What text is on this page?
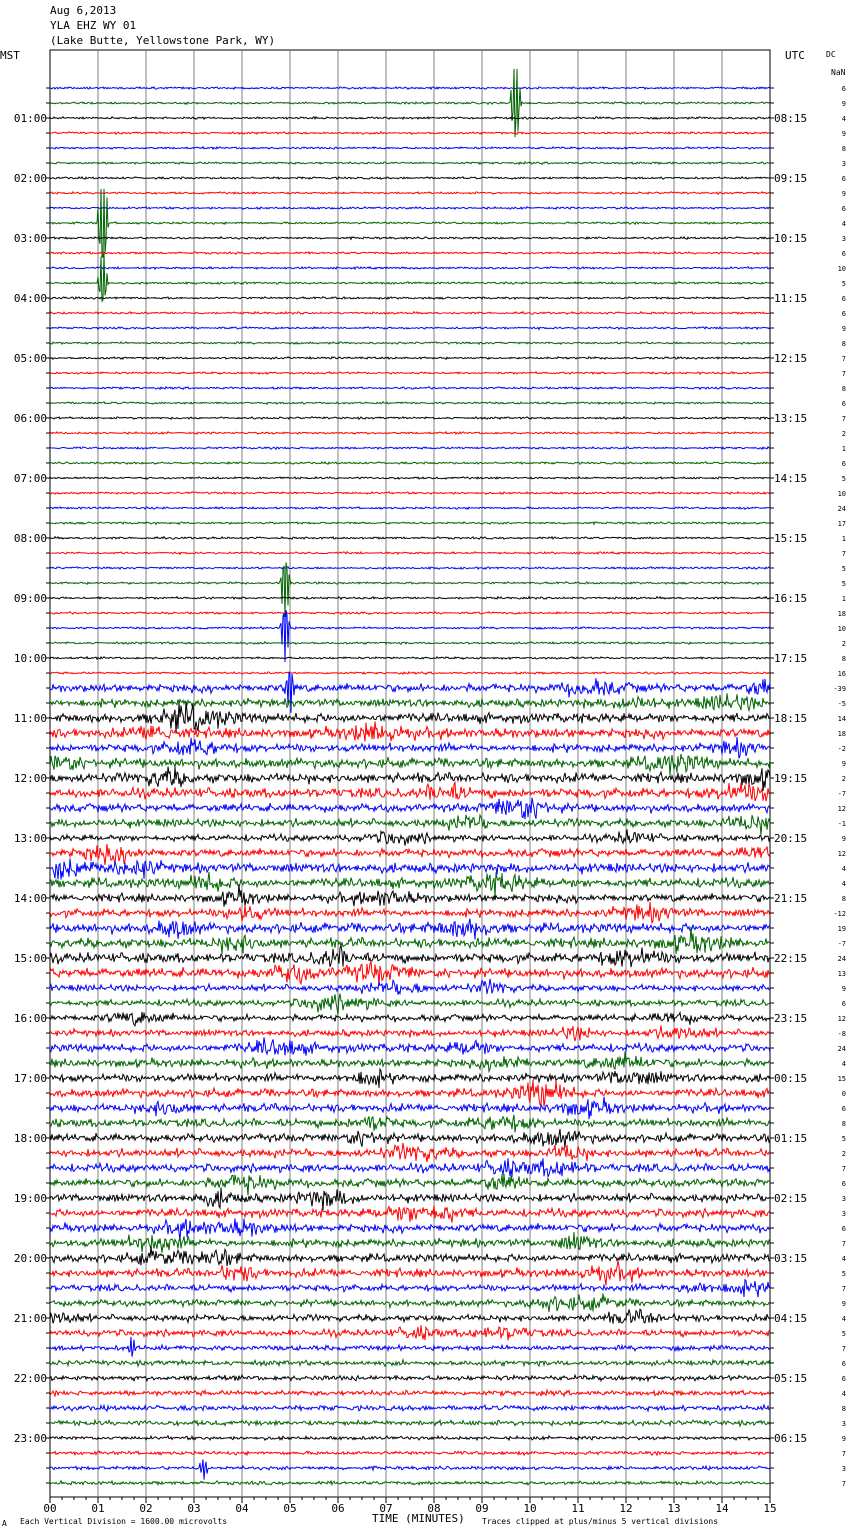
Aug 6,2013
YLA EHZ WY 01
(Lake Butte, Yellowstone Park, WY)
MST	UTC	DC
NaN
00	01	02	03	04	05	06	07	08	09	10	11	12	13	14	15
6
9
4
9
8
3
6
9
6
4
3
6
10
5
6
6
9
8
7
7
8
6
7
2
1
6
5
10
24
17
1
7
5
5
1
18
10
2
8
16
-39
-5
14
18
-2
9
2
-7
12
-1
9
12
4
4
8
-12
19
-7
24
13
9
6
12
-8
24
4
15
0
6
8
5
2
7
6
3
3
6
7
4
5
7
9
4
5
7
6
6
4
8
3
9
7
3
7
01:00
02:00
03:00
04:00
05:00
06:00
07:00
08:00
09:00
10:00
11:00
12:00
13:00
14:00
15:00
16:00
17:00
18:00
19:00
20:00
21:00
22:00
23:00
08:15
09:15
10:15
11:15
12:15
13:15
14:15
15:15
16:15
17:15
18:15
19:15
20:15
21:15
22:15
23:15
00:15
01:15
02:15
03:15
04:15
05:15
06:15
A Each Vertical Division = 1600.00 microvolts	TIME (MINUTES) Traces clipped at plus/minus 5 vertical divisions
